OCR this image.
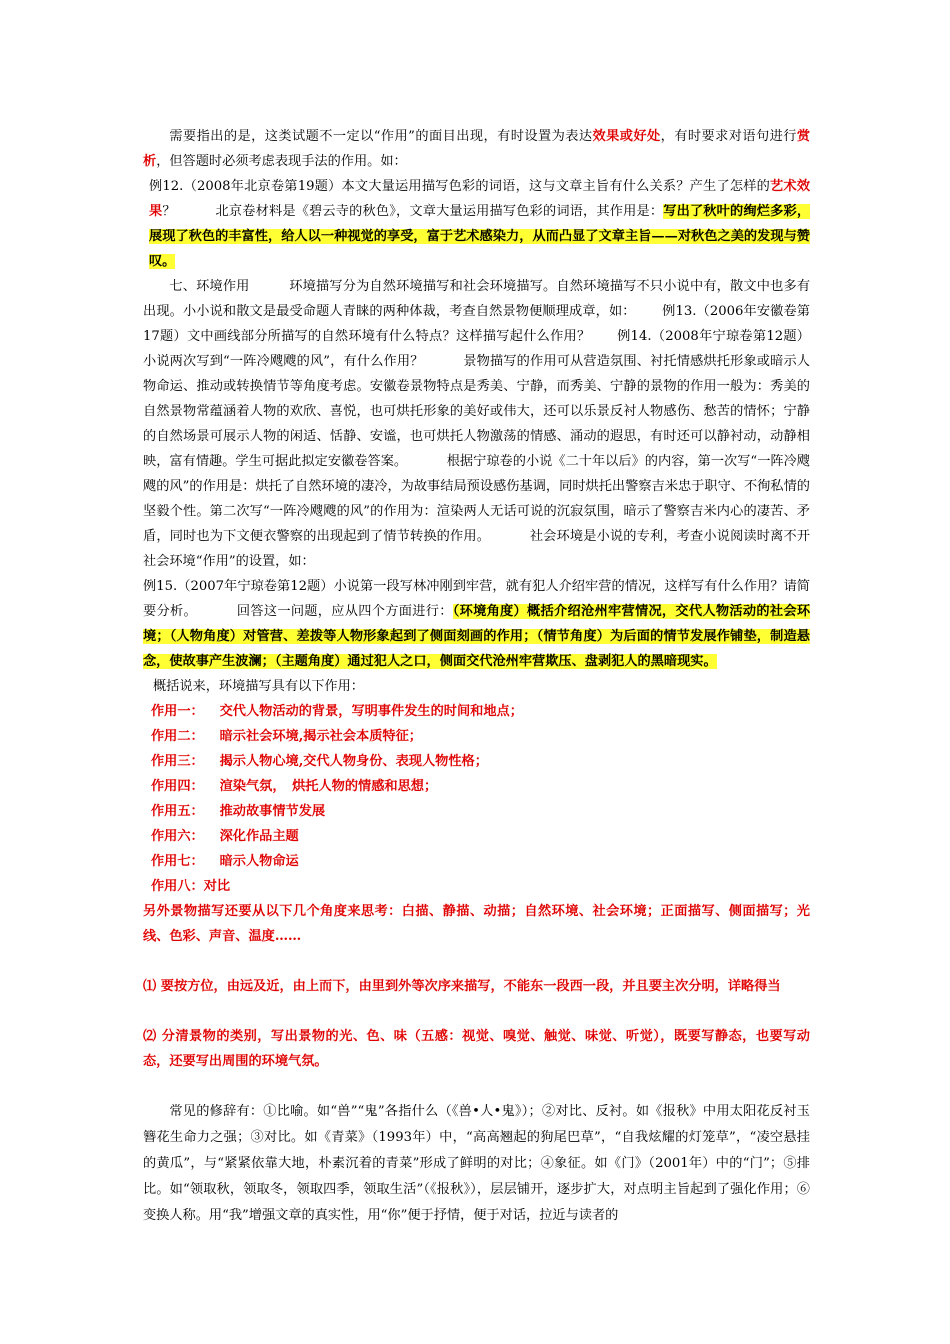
需要指出的是，这类试题不一定以“作用”的面目出现，有时设置为表达效果或好处，有时要求对语句进行赏析，但答题时必须考虑表现手法的作用。如：

例12.（2008年北京卷第19题）本文大量运用描写色彩的词语，这与文章主旨有什么关系？产生了怎样的艺术效果？	北京卷材料是《碧云寺的秋色》，文章大量运用描写色彩的词语，其作用是：写出了秋叶的绚烂多彩，展现了秋色的丰富性，给人以一种视觉的享受，富于艺术感染力，从而凸显了文章主旨——对秋色之美的发现与赞叹。

七、环境作用	环境描写分为自然环境描写和社会环境描写。自然环境描写不只小说中有，散文中也多有出现。小小说和散文是最受命题人青睐的两种体裁，考查自然景物便顺理成章，如： 例13.（2006年安徽卷第17题）文中画线部分所描写的自然环境有什么特点？这样描写起什么作用？ 例14.（2008年宁琼卷第12题）小说两次写到“一阵冷飕飕的风”，有什么作用？	景物描写的作用可从营造氛围、衬托情感烘托形象或暗示人物命运、推动或转换情节等角度考虑。安徽卷景物特点是秀美、宁静，而秀美、宁静的景物的作用一般为：秀美的自然景物常蕴涵着人物的欢欣、喜悦，也可烘托形象的美好或伟大，还可以乐景反衬人物感伤、愁苦的情怀；宁静的自然场景可展示人物的闲适、恬静、安谧，也可烘托人物激荡的情感、涌动的遐思，有时还可以静衬动，动静相映，富有情趣。学生可据此拟定安徽卷答案。	根据宁琼卷的小说《二十年以后》的内容，第一次写“一阵冷飕飕的风”的作用是：烘托了自然环境的凄冷，为故事结局预设感伤基调，同时烘托出警察吉米忠于职守、不徇私情的坚毅个性。第二次写“一阵冷飕飕的风”的作用为：渲染两人无话可说的沉寂氛围，暗示了警察吉米内心的凄苦、矛盾，同时也为下文便衣警察的出现起到了情节转换的作用。	社会环境是小说的专利，考查小说阅读时离不开社会环境“作用”的设置，如：

例15.（2007年宁琼卷第12题）小说第一段写林冲刚到牢营，就有犯人介绍牢营的情况，这样写有什么作用？请简要分析。	回答这一问题，应从四个方面进行：（环境角度）概括介绍沧州牢营情况，交代人物活动的社会环境；（人物角度）对管营、差拨等人物形象起到了侧面刻画的作用；（情节角度）为后面的情节发展作铺垫，制造悬念，使故事产生波澜；（主题角度）通过犯人之口，侧面交代沧州牢营欺压、盘剥犯人的黑暗现实。

概括说来，环境描写具有以下作用：

作用一： 交代人物活动的背景，写明事件发生的时间和地点；
作用二： 暗示社会环境,揭示社会本质特征；
作用三： 揭示人物心境,交代人物身份、表现人物性格；
作用四： 渲染气氛，　烘托人物的情感和思想；
作用五： 推动故事情节发展
作用六： 深化作品主题
作用七： 暗示人物命运
作用八：对比

另外景物描写还要从以下几个角度来思考：白描、静描、动描；自然环境、社会环境；正面描写、侧面描写；光线、色彩、声音、温度……

⑴ 要按方位，由远及近，由上而下，由里到外等次序来描写，不能东一段西一段，并且要主次分明，详略得当

⑵ 分清景物的类别，写出景物的光、色、味（五感：视觉、嗅觉、触觉、味觉、听觉），既要写静态，也要写动态，还要写出周围的环境气氛。

常见的修辞有：①比喻。如“兽”“鬼”各指什么（《兽•人•鬼》）；②对比、反衬。如《报秋》中用太阳花反衬玉簪花生命力之强；③对比。如《青菜》（1993年）中，“高高翘起的狗尾巴草”，“自我炫耀的灯笼草”，“凌空悬挂的黄瓜”，与“紧紧依靠大地，朴素沉着的青菜”形成了鲜明的对比；④象征。如《门》（2001年）中的“门”；⑤排比。如“领取秋，领取冬，领取四季，领取生活”（《报秋》），层层铺开，逐步扩大，对点明主旨起到了强化作用；⑥变换人称。用“我”增强文章的真实性，用“你”便于抒情，便于对话，拉近与读者的
